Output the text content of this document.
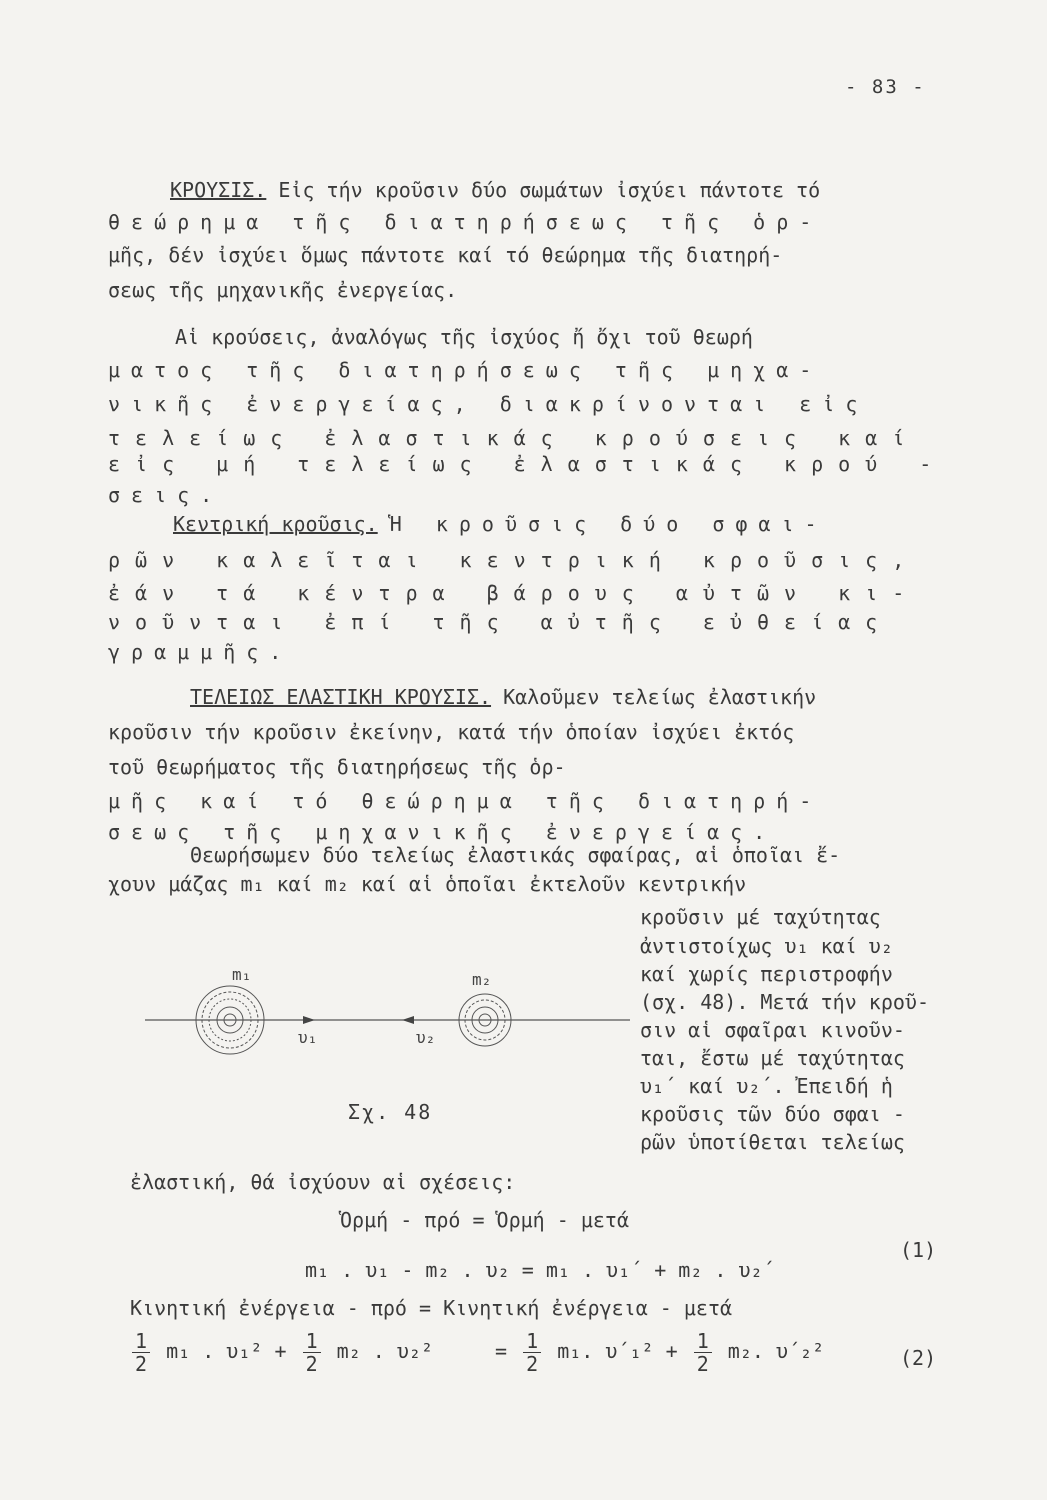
- 83 -
ΚΡΟΥΣΙΣ. Εἰς τήν κροῦσιν δύο σωμάτων ἰσχύει πάντοτε τό
θεώρημα τῆς διατηρήσεως τῆς ὁρ-
μῆς, δέν ἰσχύει ὅμως πάντοτε καί τό θεώρημα τῆς διατηρή-
σεως τῆς μηχανικῆς ἐνεργείας.
Αἱ κρούσεις, ἀναλόγως τῆς ἰσχύος ἤ ὄχι τοῦ θεωρή
ματος τῆς διατηρήσεως τῆς μηχα-
νικῆς ἐνεργείας, διακρίνονται εἰς
τελείως ἐλαστικάς κρούσεις καί
εἰς μή τελείως ἐλαστικάς κρού -
σεις.
Κεντρική κροῦσις. Ἡ κροῦσις δύο σφαι-
ρῶν καλεῖται κεντρική κροῦσις,
ἐάν τά κέντρα βάρους αὐτῶν κι-
νοῦνται ἐπί τῆς αὐτῆς εὐθείας
γραμμῆς.
ΤΕΛΕΙΩΣ ΕΛΑΣΤΙΚΗ ΚΡΟΥΣΙΣ. Καλοῦμεν τελείως ἐλαστικήν
κροῦσιν τήν κροῦσιν ἐκείνην, κατά τήν ὁποίαν ἰσχύει ἐκτός
τοῦ θεωρήματος τῆς διατηρήσεως τῆς ὁρ-
μῆς καί τό θεώρημα τῆς διατηρή-
σεως τῆς μηχανικῆς ἐνεργείας.
Θεωρήσωμεν δύο τελείως ἐλαστικάς σφαίρας, αἱ ὁποῖαι ἔ-
χουν μάζας m₁ καί m₂ καί αἱ ὁποῖαι ἐκτελοῦν κεντρικήν
κροῦσιν μέ ταχύτητας
ἀντιστοίχως υ₁ καί υ₂
καί χωρίς περιστροφήν
(σχ. 48). Μετά τήν κροῦ-
σιν αἱ σφαῖραι κινοῦν-
ται, ἔστω μέ ταχύτητας
υ₁΄ καί υ₂΄. Ἐπειδή ἡ
κροῦσις τῶν δύο σφαι -
ρῶν ὑποτίθεται τελείως
ἐλαστική, θά ἰσχύουν αἱ σχέσεις:
m₁	m₂
υ₁	υ₂
Σχ. 48
Ὁρμή - πρό = Ὁρμή - μετά
m₁ . υ₁ - m₂ . υ₂ = m₁ . υ₁΄ + m₂ . υ₂΄
(1)
Κινητική ἐνέργεια - πρό = Κινητική ἐνέργεια - μετά
$\frac{1}{2} m_1$ . $\upsilon_1^2 + \frac{1}{2} m_2$ . υ₂²	= $\frac{1}{2} m_1$. $\upsilon΄_1^2 + \frac{1}{2} m_2$. υ΄₂²	(2)
